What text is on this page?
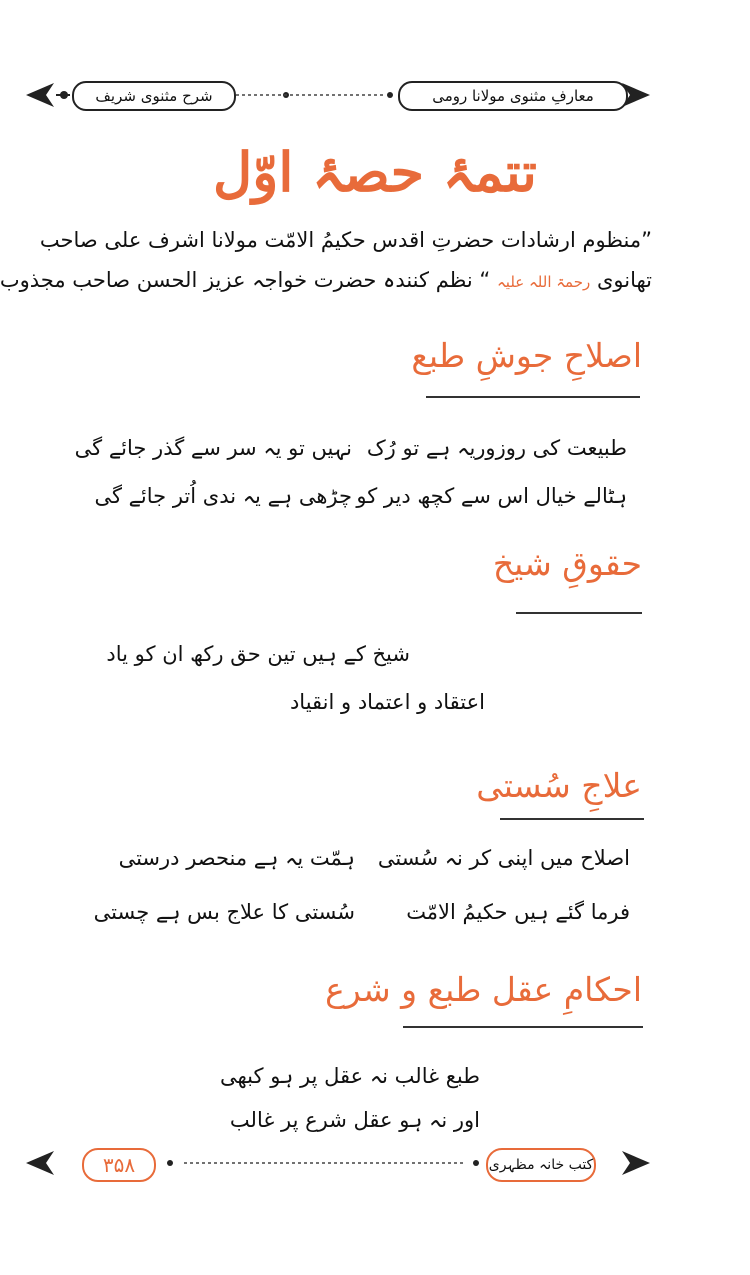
شرح مثنوی شریف	معارفِ مثنوی مولانا رومی
تتمۂ حصۂ اوّل
”منظوم ارشادات حضرتِ اقدس حکیمُ الامّت مولانا اشرف علی صاحب
تھانوی رحمۃ اللہ علیہ “ نظم کنندہ حضرت خواجہ عزیز الحسن صاحب مجذوب
اصلاحِ جوشِ طبع
طبیعت کی روزوریہ ہے تو رُک
نہیں تو یہ سر سے گذر جائے گی
ہٹالے خیال اس سے کچھ دیر کو
چڑھی ہے یہ ندی اُتر جائے گی
حقوقِ شیخ
شیخ کے ہیں تین حق رکھ ان کو یاد
اعتقاد و اعتماد و انقیاد
علاجِ سُستی
اصلاح میں اپنی کر نہ سُستی
ہمّت یہ ہے منحصر درستی
فرما گئے ہیں حکیمُ الامّت
سُستی کا علاج بس ہے چستی
احکامِ عقل طبع و شرع
طبع غالب نہ عقل پر ہو کبھی
اور نہ ہو عقل شرع پر غالب
۳۵۸	کتب خانہ مظہری
